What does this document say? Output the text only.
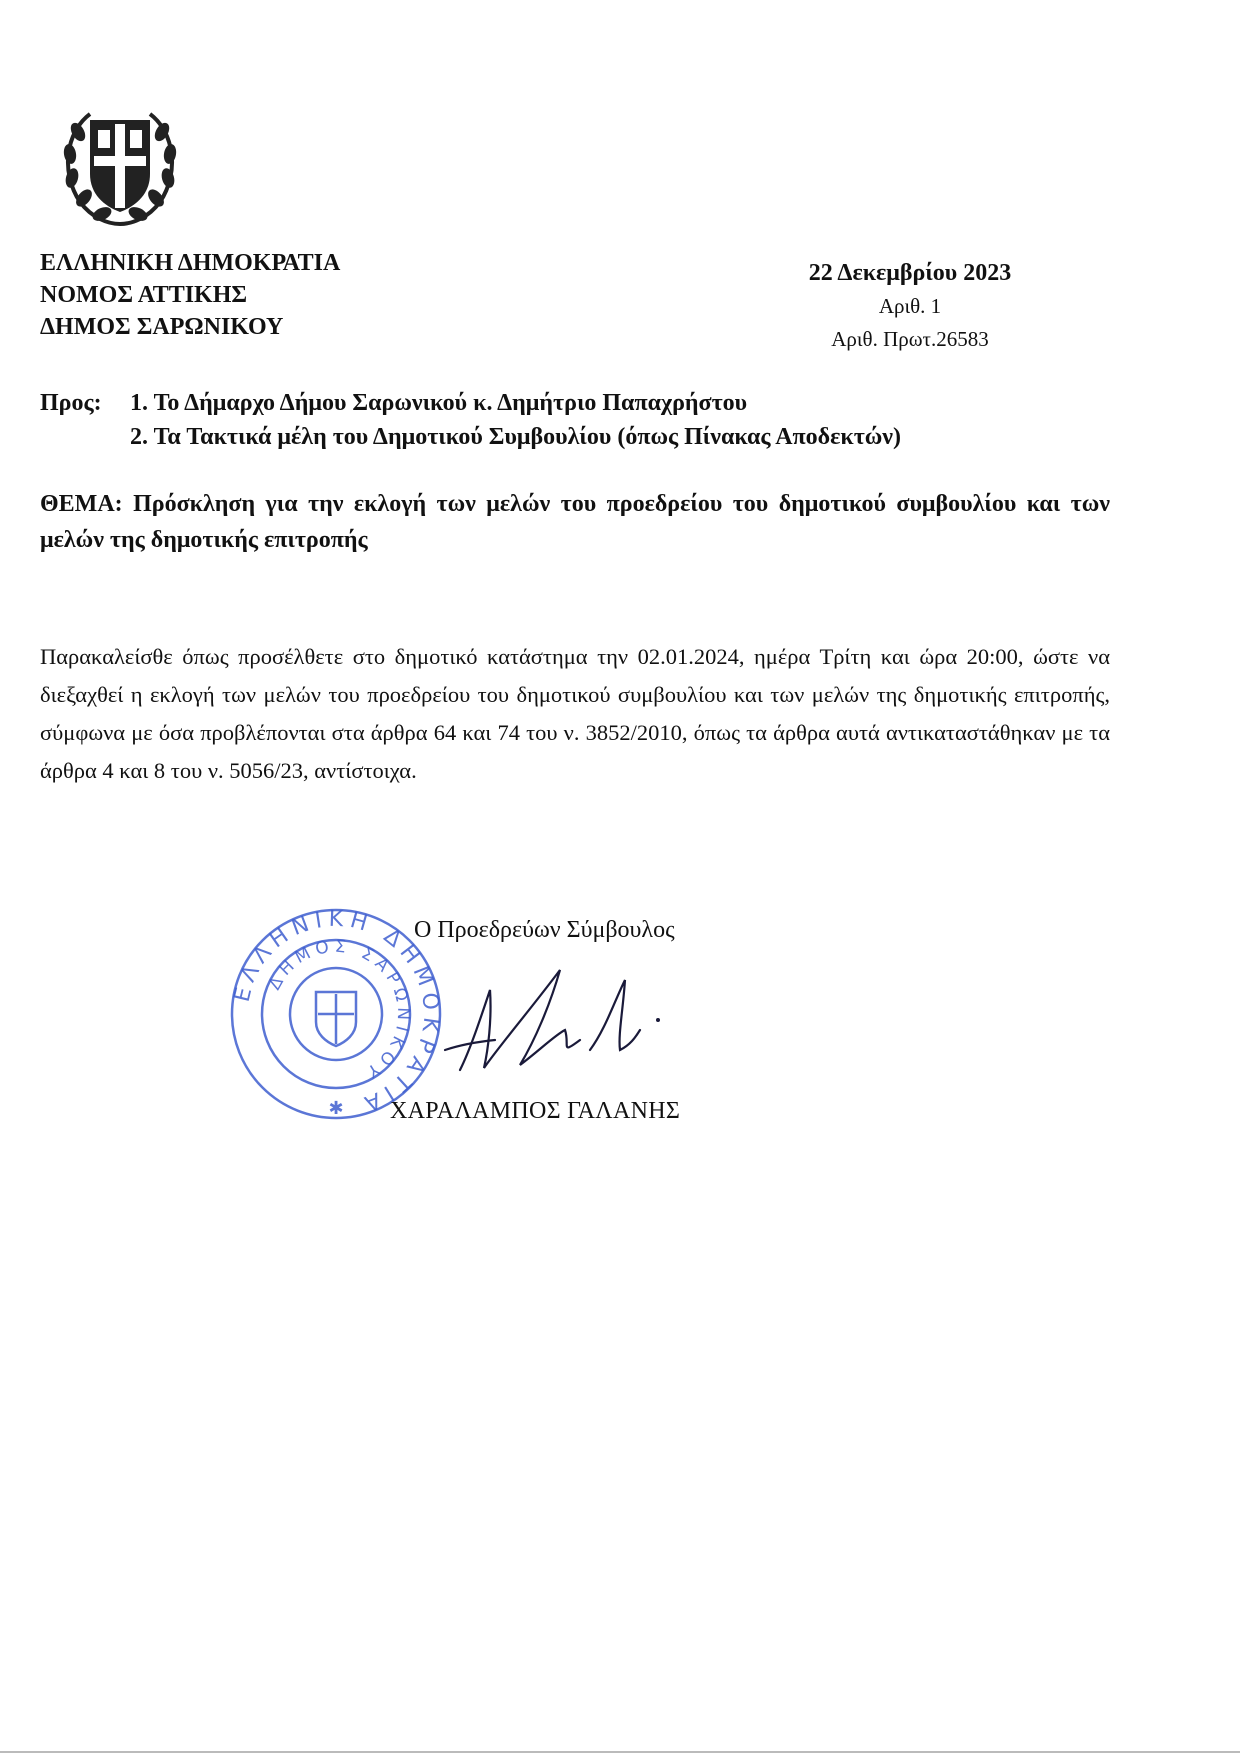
ΕΛΛΗΝΙΚΗ ΔΗΜΟΚΡΑΤΙΑ
ΝΟΜΟΣ ΑΤΤΙΚΗΣ
ΔΗΜΟΣ ΣΑΡΩΝΙΚΟΥ
22 Δεκεμβρίου 2023
Αριθ. 1
Αριθ. Πρωτ.26583
Προς:	1. Το Δήμαρχο Δήμου Σαρωνικού κ. Δημήτριο Παπαχρήστου
2. Τα Τακτικά μέλη του Δημοτικού Συμβουλίου (όπως Πίνακας Αποδεκτών)
ΘΕΜΑ: Πρόσκληση για την εκλογή των μελών του προεδρείου του δημοτικού συμβουλίου και των μελών της δημοτικής επιτροπής
Παρακαλείσθε όπως προσέλθετε στο δημοτικό κατάστημα την 02.01.2024, ημέρα Τρίτη και ώρα 20:00, ώστε να διεξαχθεί η εκλογή των μελών του προεδρείου του δημοτικού συμβουλίου και των μελών της δημοτικής επιτροπής, σύμφωνα με όσα προβλέπονται στα άρθρα 64 και 74 του ν. 3852/2010, όπως τα άρθρα αυτά αντικαταστάθηκαν με τα άρθρα 4 και 8 του ν. 5056/23, αντίστοιχα.
ΕΛΛΗΝΙΚΗ ΔΗΜΟΚΡΑΤΙΑ
ΔΗΜΟΣ ΣΑΡΩΝΙΚΟΥ
✱
Ο Προεδρεύων Σύμβουλος
ΧΑΡΑΛΑΜΠΟΣ ΓΑΛΑΝΗΣ
